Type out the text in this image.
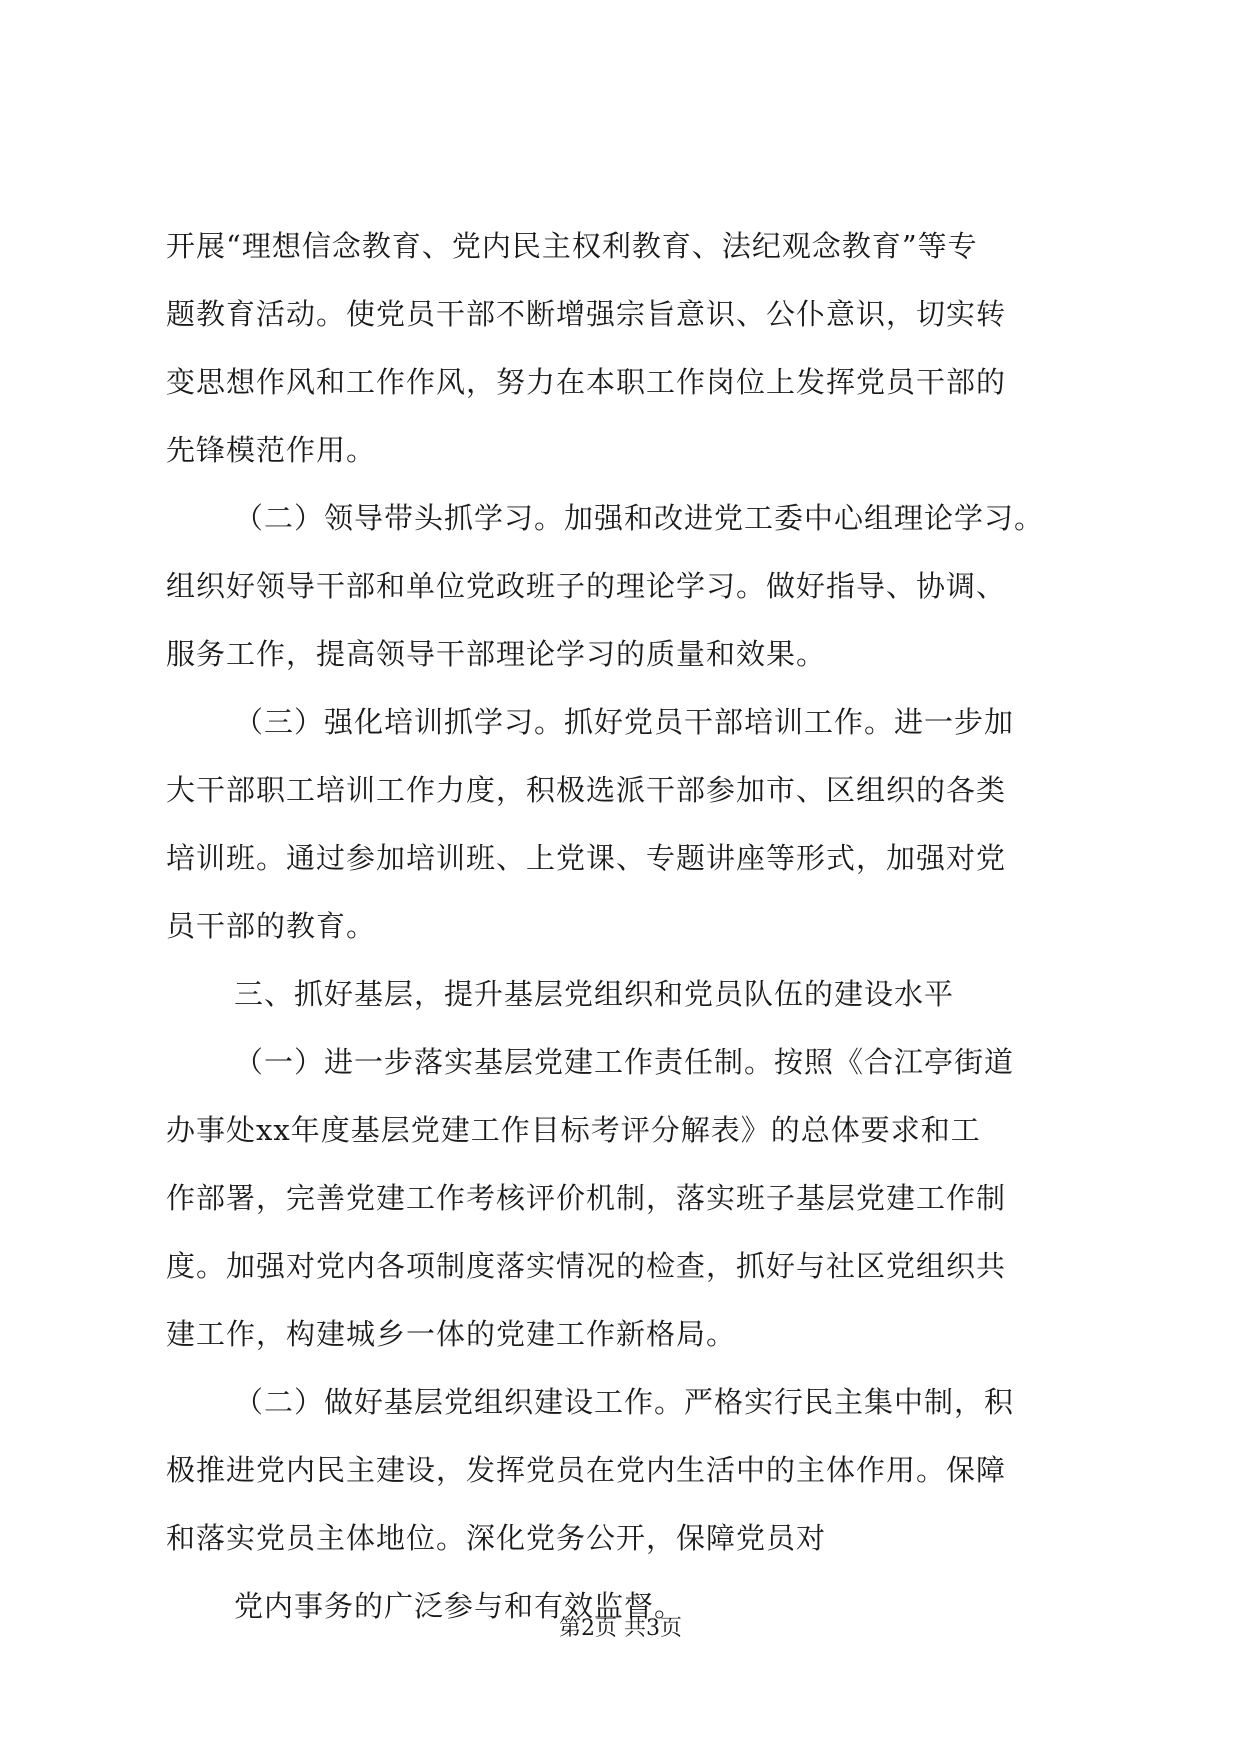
开展“理想信念教育、党内民主权利教育、法纪观念教育”等专
题教育活动。使党员干部不断增强宗旨意识、公仆意识，切实转
变思想作风和工作作风，努力在本职工作岗位上发挥党员干部的
先锋模范作用。
（二）领导带头抓学习。加强和改进党工委中心组理论学习。
组织好领导干部和单位党政班子的理论学习。做好指导、协调、
服务工作，提高领导干部理论学习的质量和效果。
（三）强化培训抓学习。抓好党员干部培训工作。进一步加
大干部职工培训工作力度，积极选派干部参加市、区组织的各类
培训班。通过参加培训班、上党课、专题讲座等形式，加强对党
员干部的教育。
三、抓好基层，提升基层党组织和党员队伍的建设水平
（一）进一步落实基层党建工作责任制。按照《合江亭街道
办事处xx年度基层党建工作目标考评分解表》的总体要求和工
作部署，完善党建工作考核评价机制，落实班子基层党建工作制
度。加强对党内各项制度落实情况的检查，抓好与社区党组织共
建工作，构建城乡一体的党建工作新格局。
（二）做好基层党组织建设工作。严格实行民主集中制，积
极推进党内民主建设，发挥党员在党内生活中的主体作用。保障
和落实党员主体地位。深化党务公开，保障党员对
党内事务的广泛参与和有效监督。
第2页 共3页
